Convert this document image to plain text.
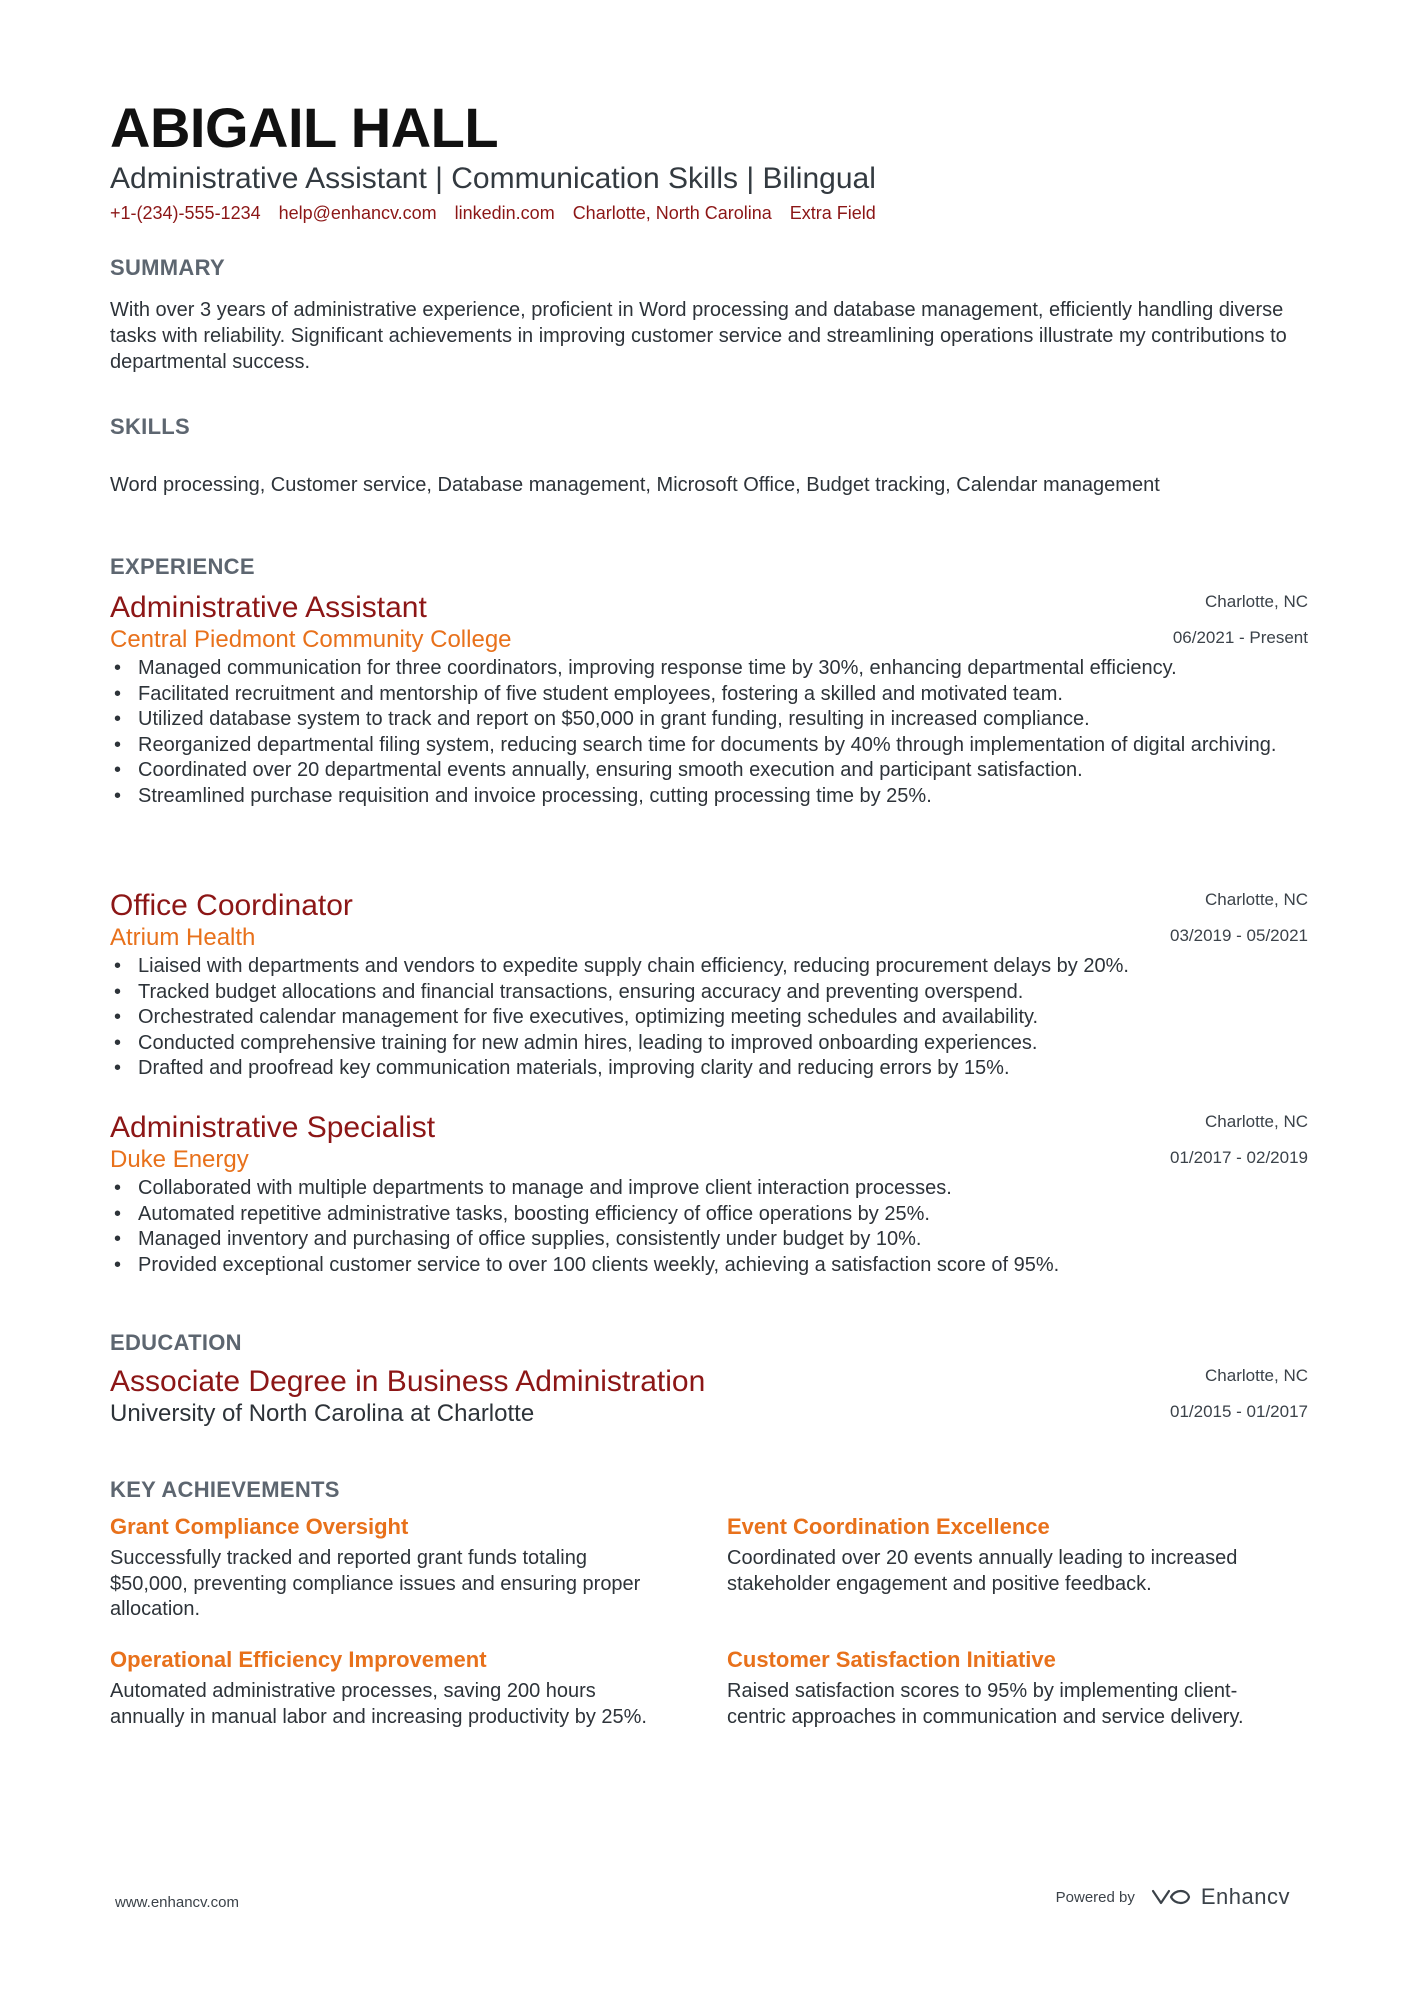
ABIGAIL HALL
Administrative Assistant | Communication Skills | Bilingual
+1-(234)-555-1234 help@enhancv.com linkedin.com Charlotte, North Carolina Extra Field
SUMMARY
With over 3 years of administrative experience, proficient in Word processing and database management, efficiently handling diverse tasks with reliability. Significant achievements in improving customer service and streamlining operations illustrate my contributions to departmental success.
SKILLS
Word processing, Customer service, Database management, Microsoft Office, Budget tracking, Calendar management
EXPERIENCE
Administrative Assistant
Central Piedmont Community College
Charlotte, NC
06/2021 - Present
• Managed communication for three coordinators, improving response time by 30%, enhancing departmental efficiency.
• Facilitated recruitment and mentorship of five student employees, fostering a skilled and motivated team.
• Utilized database system to track and report on $50,000 in grant funding, resulting in increased compliance.
• Reorganized departmental filing system, reducing search time for documents by 40% through implementation of digital archiving.
• Coordinated over 20 departmental events annually, ensuring smooth execution and participant satisfaction.
• Streamlined purchase requisition and invoice processing, cutting processing time by 25%.
Office Coordinator
Atrium Health
Charlotte, NC
03/2019 - 05/2021
• Liaised with departments and vendors to expedite supply chain efficiency, reducing procurement delays by 20%.
• Tracked budget allocations and financial transactions, ensuring accuracy and preventing overspend.
• Orchestrated calendar management for five executives, optimizing meeting schedules and availability.
• Conducted comprehensive training for new admin hires, leading to improved onboarding experiences.
• Drafted and proofread key communication materials, improving clarity and reducing errors by 15%.
Administrative Specialist
Duke Energy
Charlotte, NC
01/2017 - 02/2019
• Collaborated with multiple departments to manage and improve client interaction processes.
• Automated repetitive administrative tasks, boosting efficiency of office operations by 25%.
• Managed inventory and purchasing of office supplies, consistently under budget by 10%.
• Provided exceptional customer service to over 100 clients weekly, achieving a satisfaction score of 95%.
EDUCATION
Associate Degree in Business Administration
University of North Carolina at Charlotte
Charlotte, NC
01/2015 - 01/2017
KEY ACHIEVEMENTS
Grant Compliance Oversight
Successfully tracked and reported grant funds totaling $50,000, preventing compliance issues and ensuring proper allocation.
Event Coordination Excellence
Coordinated over 20 events annually leading to increased stakeholder engagement and positive feedback.
Operational Efficiency Improvement
Automated administrative processes, saving 200 hours annually in manual labor and increasing productivity by 25%.
Customer Satisfaction Initiative
Raised satisfaction scores to 95% by implementing client-centric approaches in communication and service delivery.
www.enhancv.com	Powered by	Enhancv
